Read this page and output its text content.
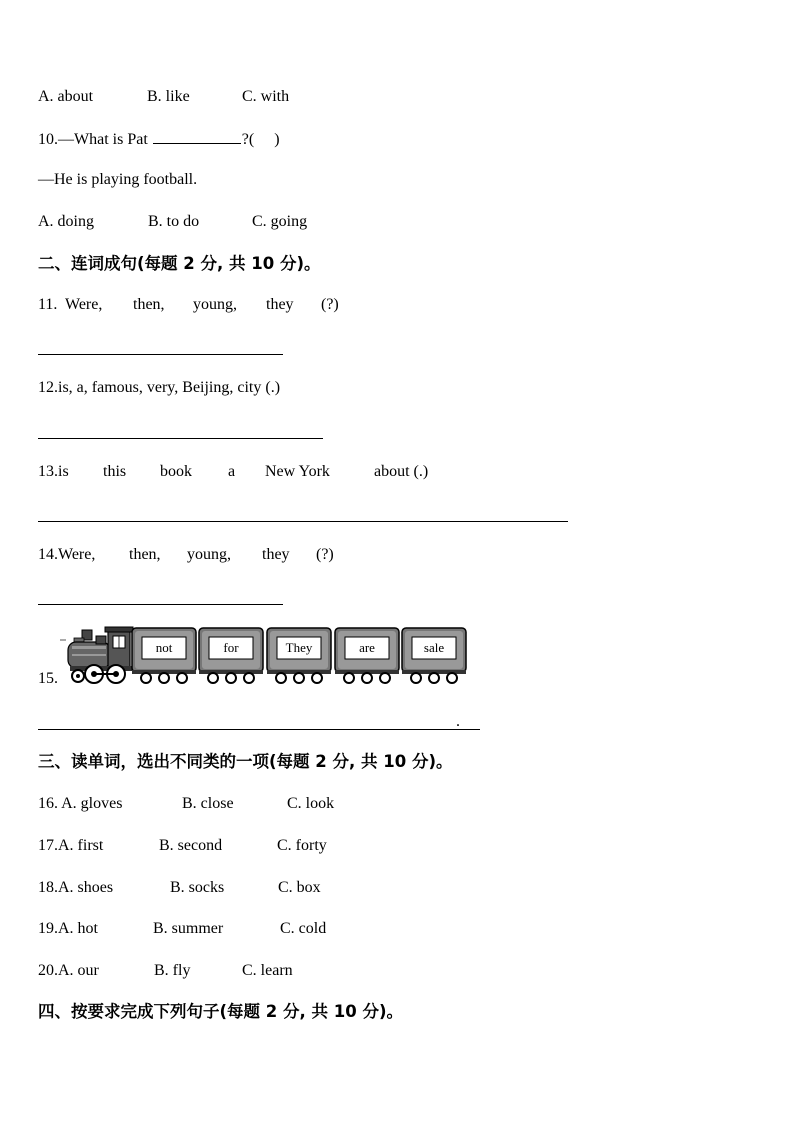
A. about	B. like	C. with
10.—What is Pat	?(　 )
—He is playing football.
A. doing	B. to do	C. going
二、连词成句(每题 2 分, 共 10 分)。
11. Were, then, young, they (?)
12.is, a, famous, very, Beijing, city (.)
13.is this book a New York	about (.)
14.Were, then, young, they (?)
15.
not	for	They	are	sale
.
三、读单词，选出不同类的一项(每题 2 分, 共 10 分)。
16. A. gloves	B. close	C. look
17.A. first	B. second	C. forty
18.A. shoes	B. socks	C. box
19.A. hot	B. summer	C. cold
20.A. our	B. fly	C. learn
四、按要求完成下列句子(每题 2 分, 共 10 分)。
